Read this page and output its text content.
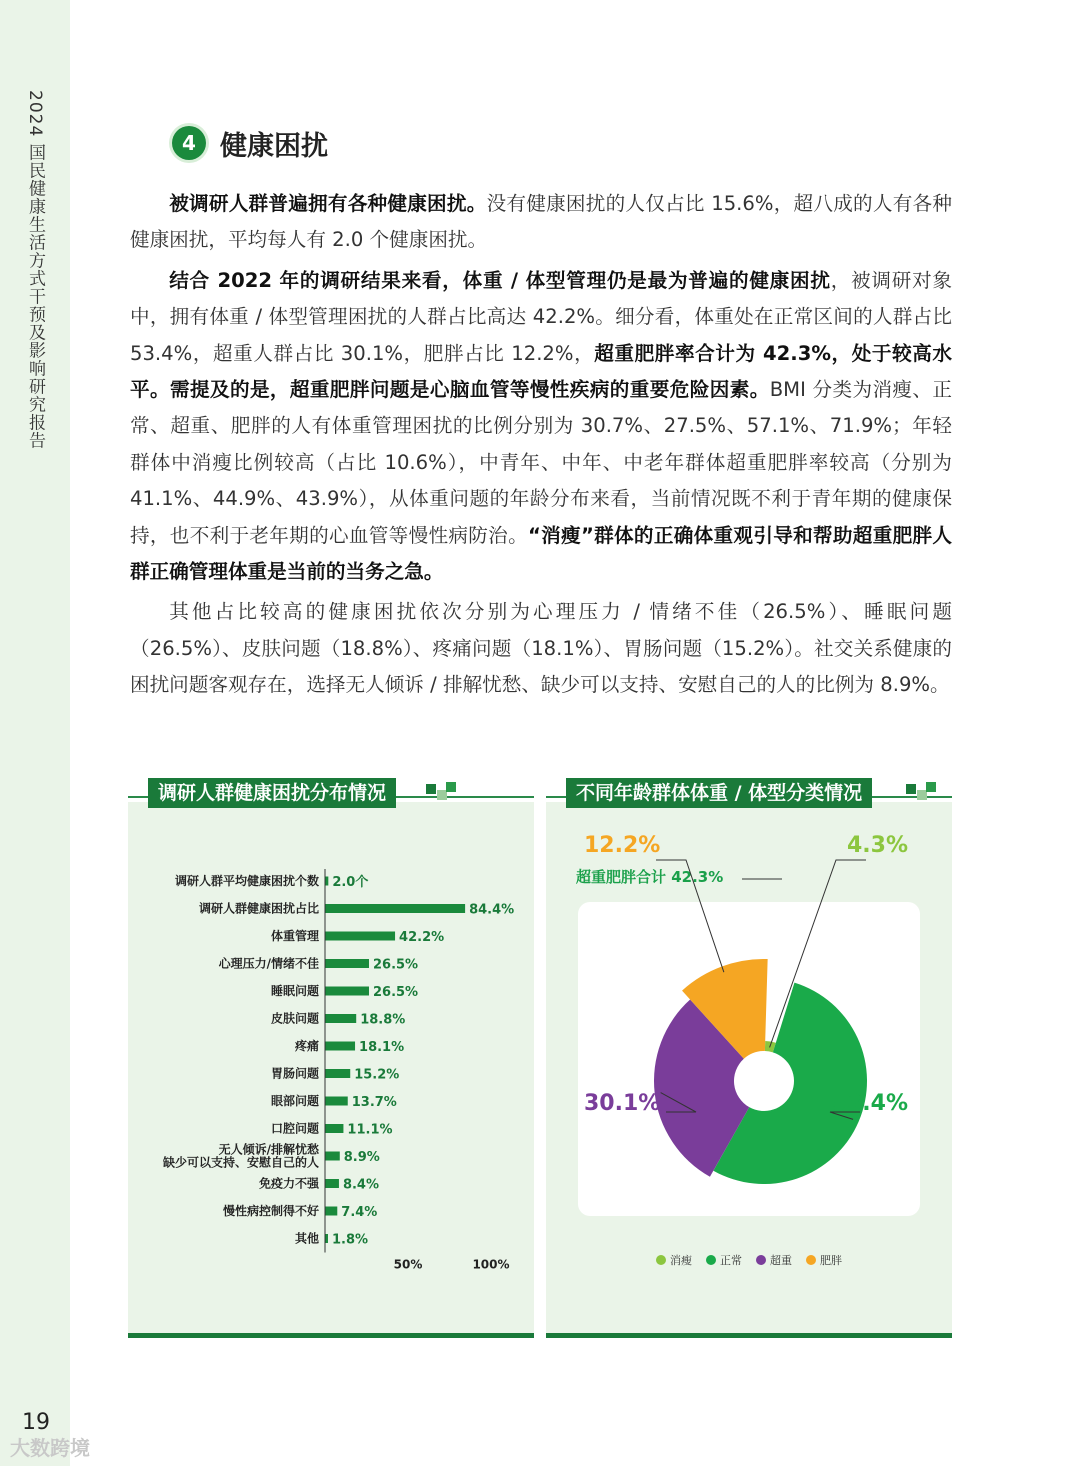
2024 国民健康生活方式干预及影响研究报告
19
大数跨境
4 健康困扰

被调研人群普遍拥有各种健康困扰。没有健康困扰的人仅占比 15.6%，超八成的人有各种健康困扰，平均每人有 2.0 个健康困扰。

结合 2022 年的调研结果来看，体重 / 体型管理仍是最为普遍的健康困扰，被调研对象中，拥有体重 / 体型管理困扰的人群占比高达 42.2%。细分看，体重处在正常区间的人群占比 53.4%，超重人群占比 30.1%，肥胖占比 12.2%，超重肥胖率合计为 42.3%，处于较高水平。需提及的是，超重肥胖问题是心脑血管等慢性疾病的重要危险因素。BMI 分类为消瘦、正常、超重、肥胖的人有体重管理困扰的比例分别为 30.7%、27.5%、57.1%、71.9%；年轻群体中消瘦比例较高（占比 10.6%），中青年、中年、中老年群体超重肥胖率较高（分别为 41.1%、44.9%、43.9%），从体重问题的年龄分布来看，当前情况既不利于青年期的健康保持，也不利于老年期的心血管等慢性病防治。“消瘦”群体的正确体重观引导和帮助超重肥胖人群正确管理体重是当前的当务之急。

其他占比较高的健康困扰依次分别为心理压力 / 情绪不佳（26.5%）、睡眠问题（26.5%）、皮肤问题（18.8%）、疼痛问题（18.1%）、胃肠问题（15.2%）。社交关系健康的困扰问题客观存在，选择无人倾诉 / 排解忧愁、缺少可以支持、安慰自己的人的比例为 8.9%。

调研人群健康困扰分布情况
调研人群平均健康困扰个数 2.0个
调研人群健康困扰占比	84.4%
体重管理	42.2%
心理压力/情绪不佳	26.5%
睡眠问题	26.5%
皮肤问题	18.8%
疼痛	18.1%
胃肠问题	15.2%
眼部问题	13.7%
口腔问题 11.1%
无人倾诉/排解忧愁
缺少可以支持、安慰自己的人 8.9%
免疫力不强 8.4%
慢性病控制得不好 7.4%
其他 1.8%
50%	100%
不同年龄群体体重 / 体型分类情况
超重肥胖合计 42.3%
4.3%
53.4%
30.1%
12.2%
消瘦	正常	超重	肥胖
